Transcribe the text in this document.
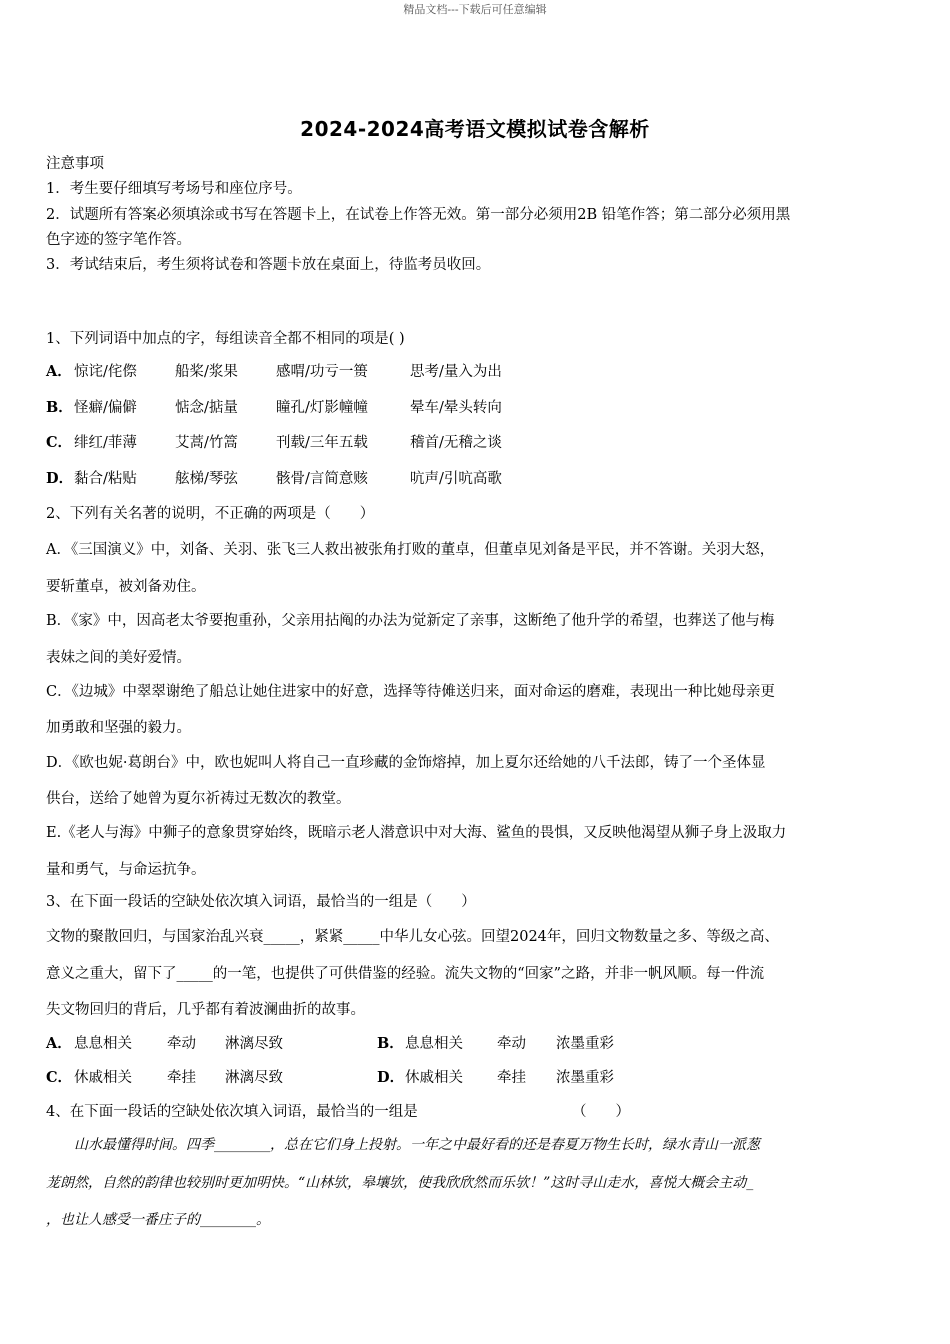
精品文档---下载后可任意编辑
2024-2024高考语文模拟试卷含解析
注意事项
1．考生要仔细填写考场号和座位序号。
2．试题所有答案必须填涂或书写在答题卡上，在试卷上作答无效。第一部分必须用2B 铅笔作答；第二部分必须用黑
色字迹的签字笔作答。
3．考试结束后，考生须将试卷和答题卡放在桌面上，待监考员收回。
1、下列词语中加点的字，每组读音全都不相同的项是( )
A． 惊诧/侘傺	船桨/浆果	感喟/功亏一篑	思考/量入为出
B． 怪癖/偏僻	惦念/掂量	瞳孔/灯影幢幢	晕车/晕头转向
C． 绯红/菲薄	艾蒿/竹篙	刊载/三年五载	稽首/无稽之谈
D． 黏合/粘贴	舷梯/琴弦	骸骨/言简意赅	吭声/引吭高歌
2、下列有关名著的说明，不正确的两项是（　　）
A．《三国演义》中，刘备、关羽、张飞三人救出被张角打败的董卓，但董卓见刘备是平民，并不答谢。关羽大怒，
要斩董卓，被刘备劝住。
B．《家》中，因高老太爷要抱重孙，父亲用拈阄的办法为觉新定了亲事，这断绝了他升学的希望，也葬送了他与梅
表妹之间的美好爱情。
C．《边城》中翠翠谢绝了船总让她住进家中的好意，选择等待傩送归来，面对命运的磨难，表现出一种比她母亲更
加勇敢和坚强的毅力。
D．《欧也妮·葛朗台》中，欧也妮叫人将自己一直珍藏的金饰熔掉，加上夏尔还给她的八千法郎，铸了一个圣体显
供台，送给了她曾为夏尔祈祷过无数次的教堂。
E.《老人与海》中狮子的意象贯穿始终，既暗示老人潜意识中对大海、鲨鱼的畏惧，又反映他渴望从狮子身上汲取力
量和勇气，与命运抗争。
3、在下面一段话的空缺处依次填入词语，最恰当的一组是（　　）
文物的聚散回归，与国家治乱兴衰_____，紧紧_____中华儿女心弦。回望2024年，回归文物数量之多、等级之高、
意义之重大，留下了_____的一笔，也提供了可供借鉴的经验。流失文物的“回家”之路，并非一帆风顺。每一件流
失文物回归的背后，几乎都有着波澜曲折的故事。
A． 息息相关 牵动 淋漓尽致	B． 息息相关 牵动 浓墨重彩
C． 休戚相关 牵挂 淋漓尽致	D． 休戚相关 牵挂 浓墨重彩
4、在下面一段话的空缺处依次填入词语，最恰当的一组是	（　　）
　　山水最懂得时间。四季________，总在它们身上投射。一年之中最好看的还是春夏万物生长时，绿水青山一派葱
茏朗然，自然的韵律也较别时更加明快。“山林欤，皋壤欤，使我欣欣然而乐欤！”这时寻山走水，喜悦大概会主动_
，也让人感受一番庄子的________。
